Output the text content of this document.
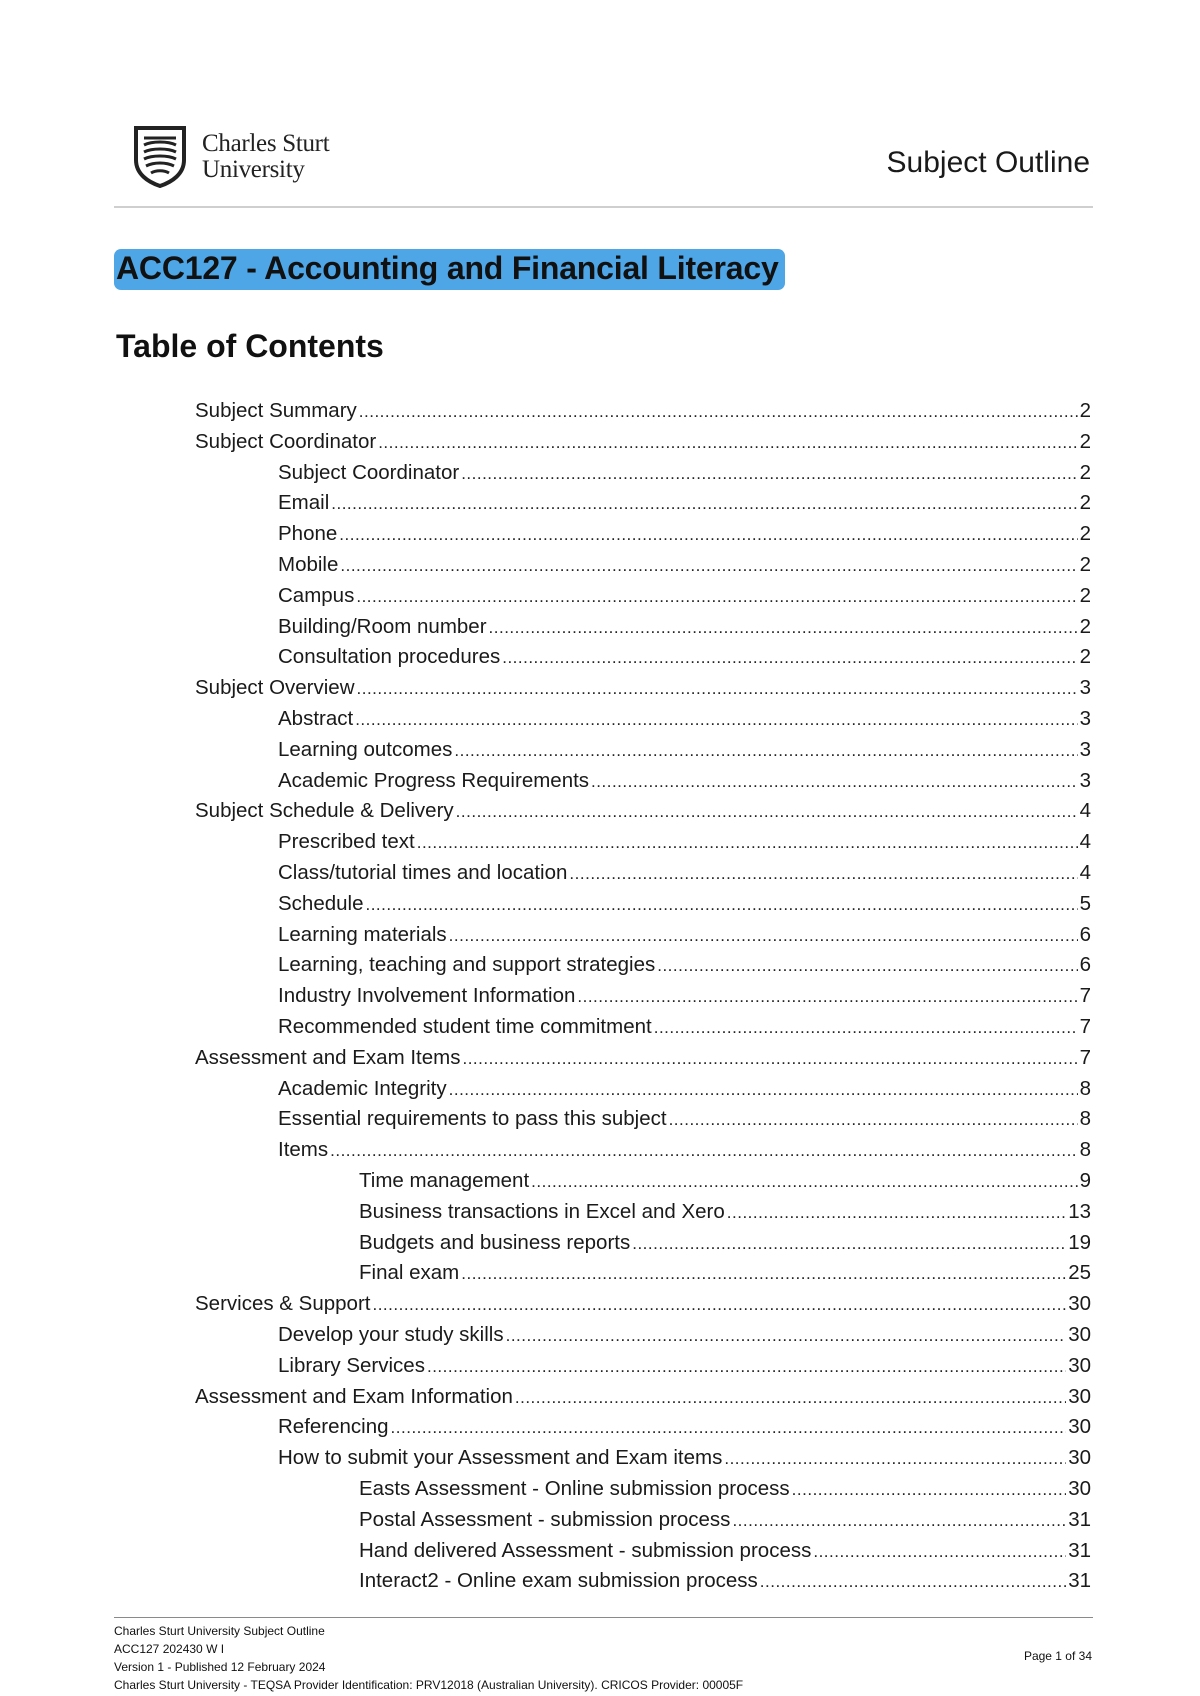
Charles Sturt
University	Subject Outline
ACC127 - Accounting and Financial Literacy
Table of Contents
Subject Summary .....	2
Subject Coordinator .....	2
Subject Coordinator .....	2
Email .....	2
Phone .....	2
Mobile .....	2
Campus .....	2
Building/Room number .....	2
Consultation procedures .....	2
Subject Overview .....	3
Abstract .....	3
Learning outcomes .....	3
Academic Progress Requirements .....	3
Subject Schedule & Delivery .....	4
Prescribed text .....	4
Class/tutorial times and location .....	4
Schedule .....	5
Learning materials .....	6
Learning, teaching and support strategies .....	6
Industry Involvement Information .....	7
Recommended student time commitment .....	7
Assessment and Exam Items .....	7
Academic Integrity .....	8
Essential requirements to pass this subject .....	8
Items .....	8
Time management .....	9
Business transactions in Excel and Xero .....	13
Budgets and business reports .....	19
Final exam .....	25
Services & Support .....	30
Develop your study skills .....	30
Library Services .....	30
Assessment and Exam Information .....	30
Referencing .....	30
How to submit your Assessment and Exam items .....	30
Easts Assessment - Online submission process .....	30
Postal Assessment - submission process .....	31
Hand delivered Assessment - submission process .....	31
Interact2 - Online exam submission process .....	31
Charles Sturt University Subject Outline
ACC127 202430 W I
Version 1 - Published 12 February 2024
Charles Sturt University - TEQSA Provider Identification: PRV12018 (Australian University). CRICOS Provider: 00005F
Page 1 of 34
